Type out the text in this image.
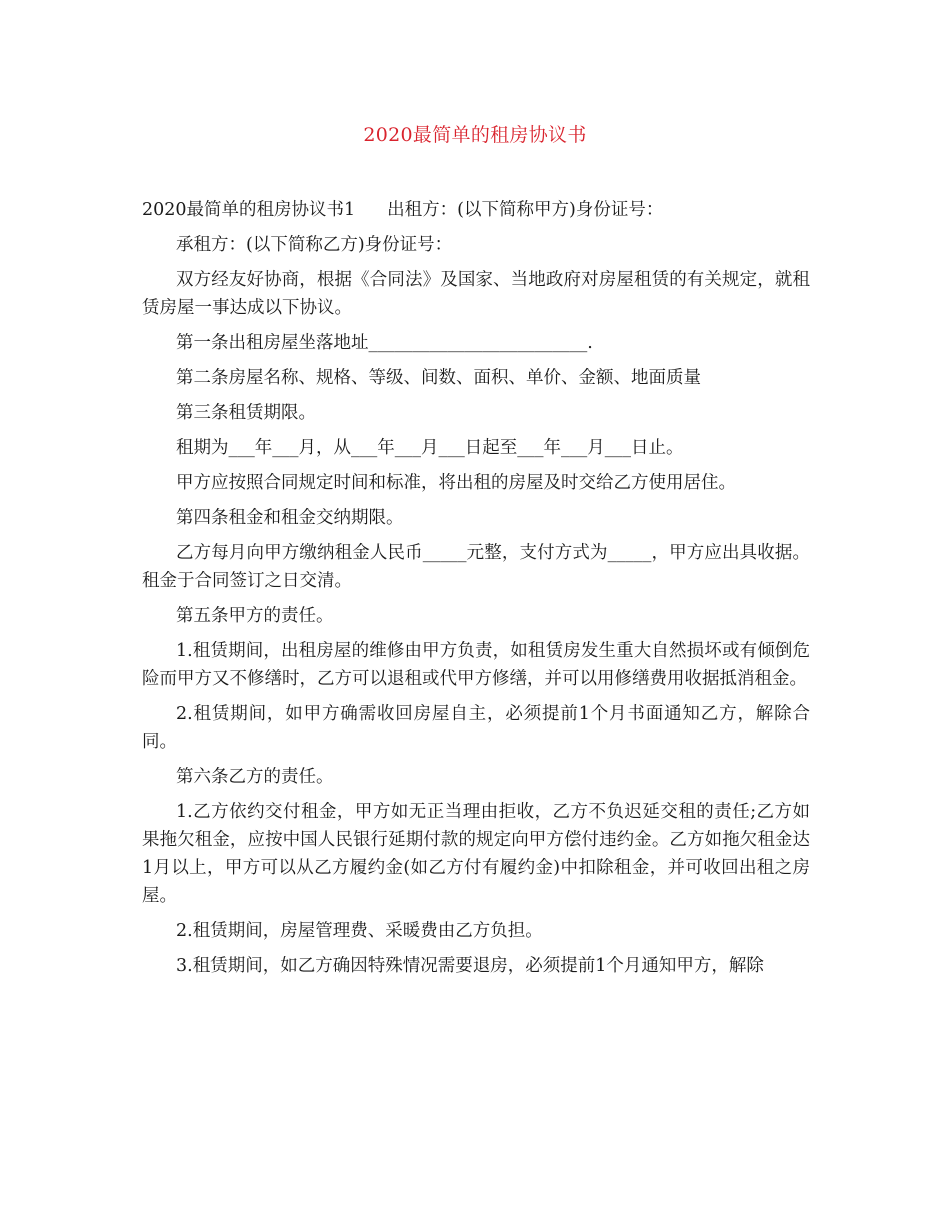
2020最简单的租房协议书

2020最简单的租房协议书1 出租方：(以下简称甲方)身份证号：

承租方：(以下简称乙方)身份证号：

双方经友好协商，根据《合同法》及国家、当地政府对房屋租赁的有关规定，就租赁房屋一事达成以下协议。

第一条出租房屋坐落地址_________________________.

第二条房屋名称、规格、等级、间数、面积、单价、金额、地面质量

第三条租赁期限。

租期为___年___月，从___年___月___日起至___年___月___日止。

甲方应按照合同规定时间和标准，将出租的房屋及时交给乙方使用居住。

第四条租金和租金交纳期限。

乙方每月向甲方缴纳租金人民币_____元整，支付方式为_____，甲方应出具收据。租金于合同签订之日交清。

第五条甲方的责任。

1.租赁期间，出租房屋的维修由甲方负责，如租赁房发生重大自然损坏或有倾倒危险而甲方又不修缮时，乙方可以退租或代甲方修缮，并可以用修缮费用收据抵消租金。

2.租赁期间，如甲方确需收回房屋自主，必须提前1个月书面通知乙方，解除合同。

第六条乙方的责任。

1.乙方依约交付租金，甲方如无正当理由拒收，乙方不负迟延交租的责任;乙方如果拖欠租金，应按中国人民银行延期付款的规定向甲方偿付违约金。乙方如拖欠租金达1月以上，甲方可以从乙方履约金(如乙方付有履约金)中扣除租金，并可收回出租之房屋。

2.租赁期间，房屋管理费、采暖费由乙方负担。

3.租赁期间，如乙方确因特殊情况需要退房，必须提前1个月通知甲方，解除
